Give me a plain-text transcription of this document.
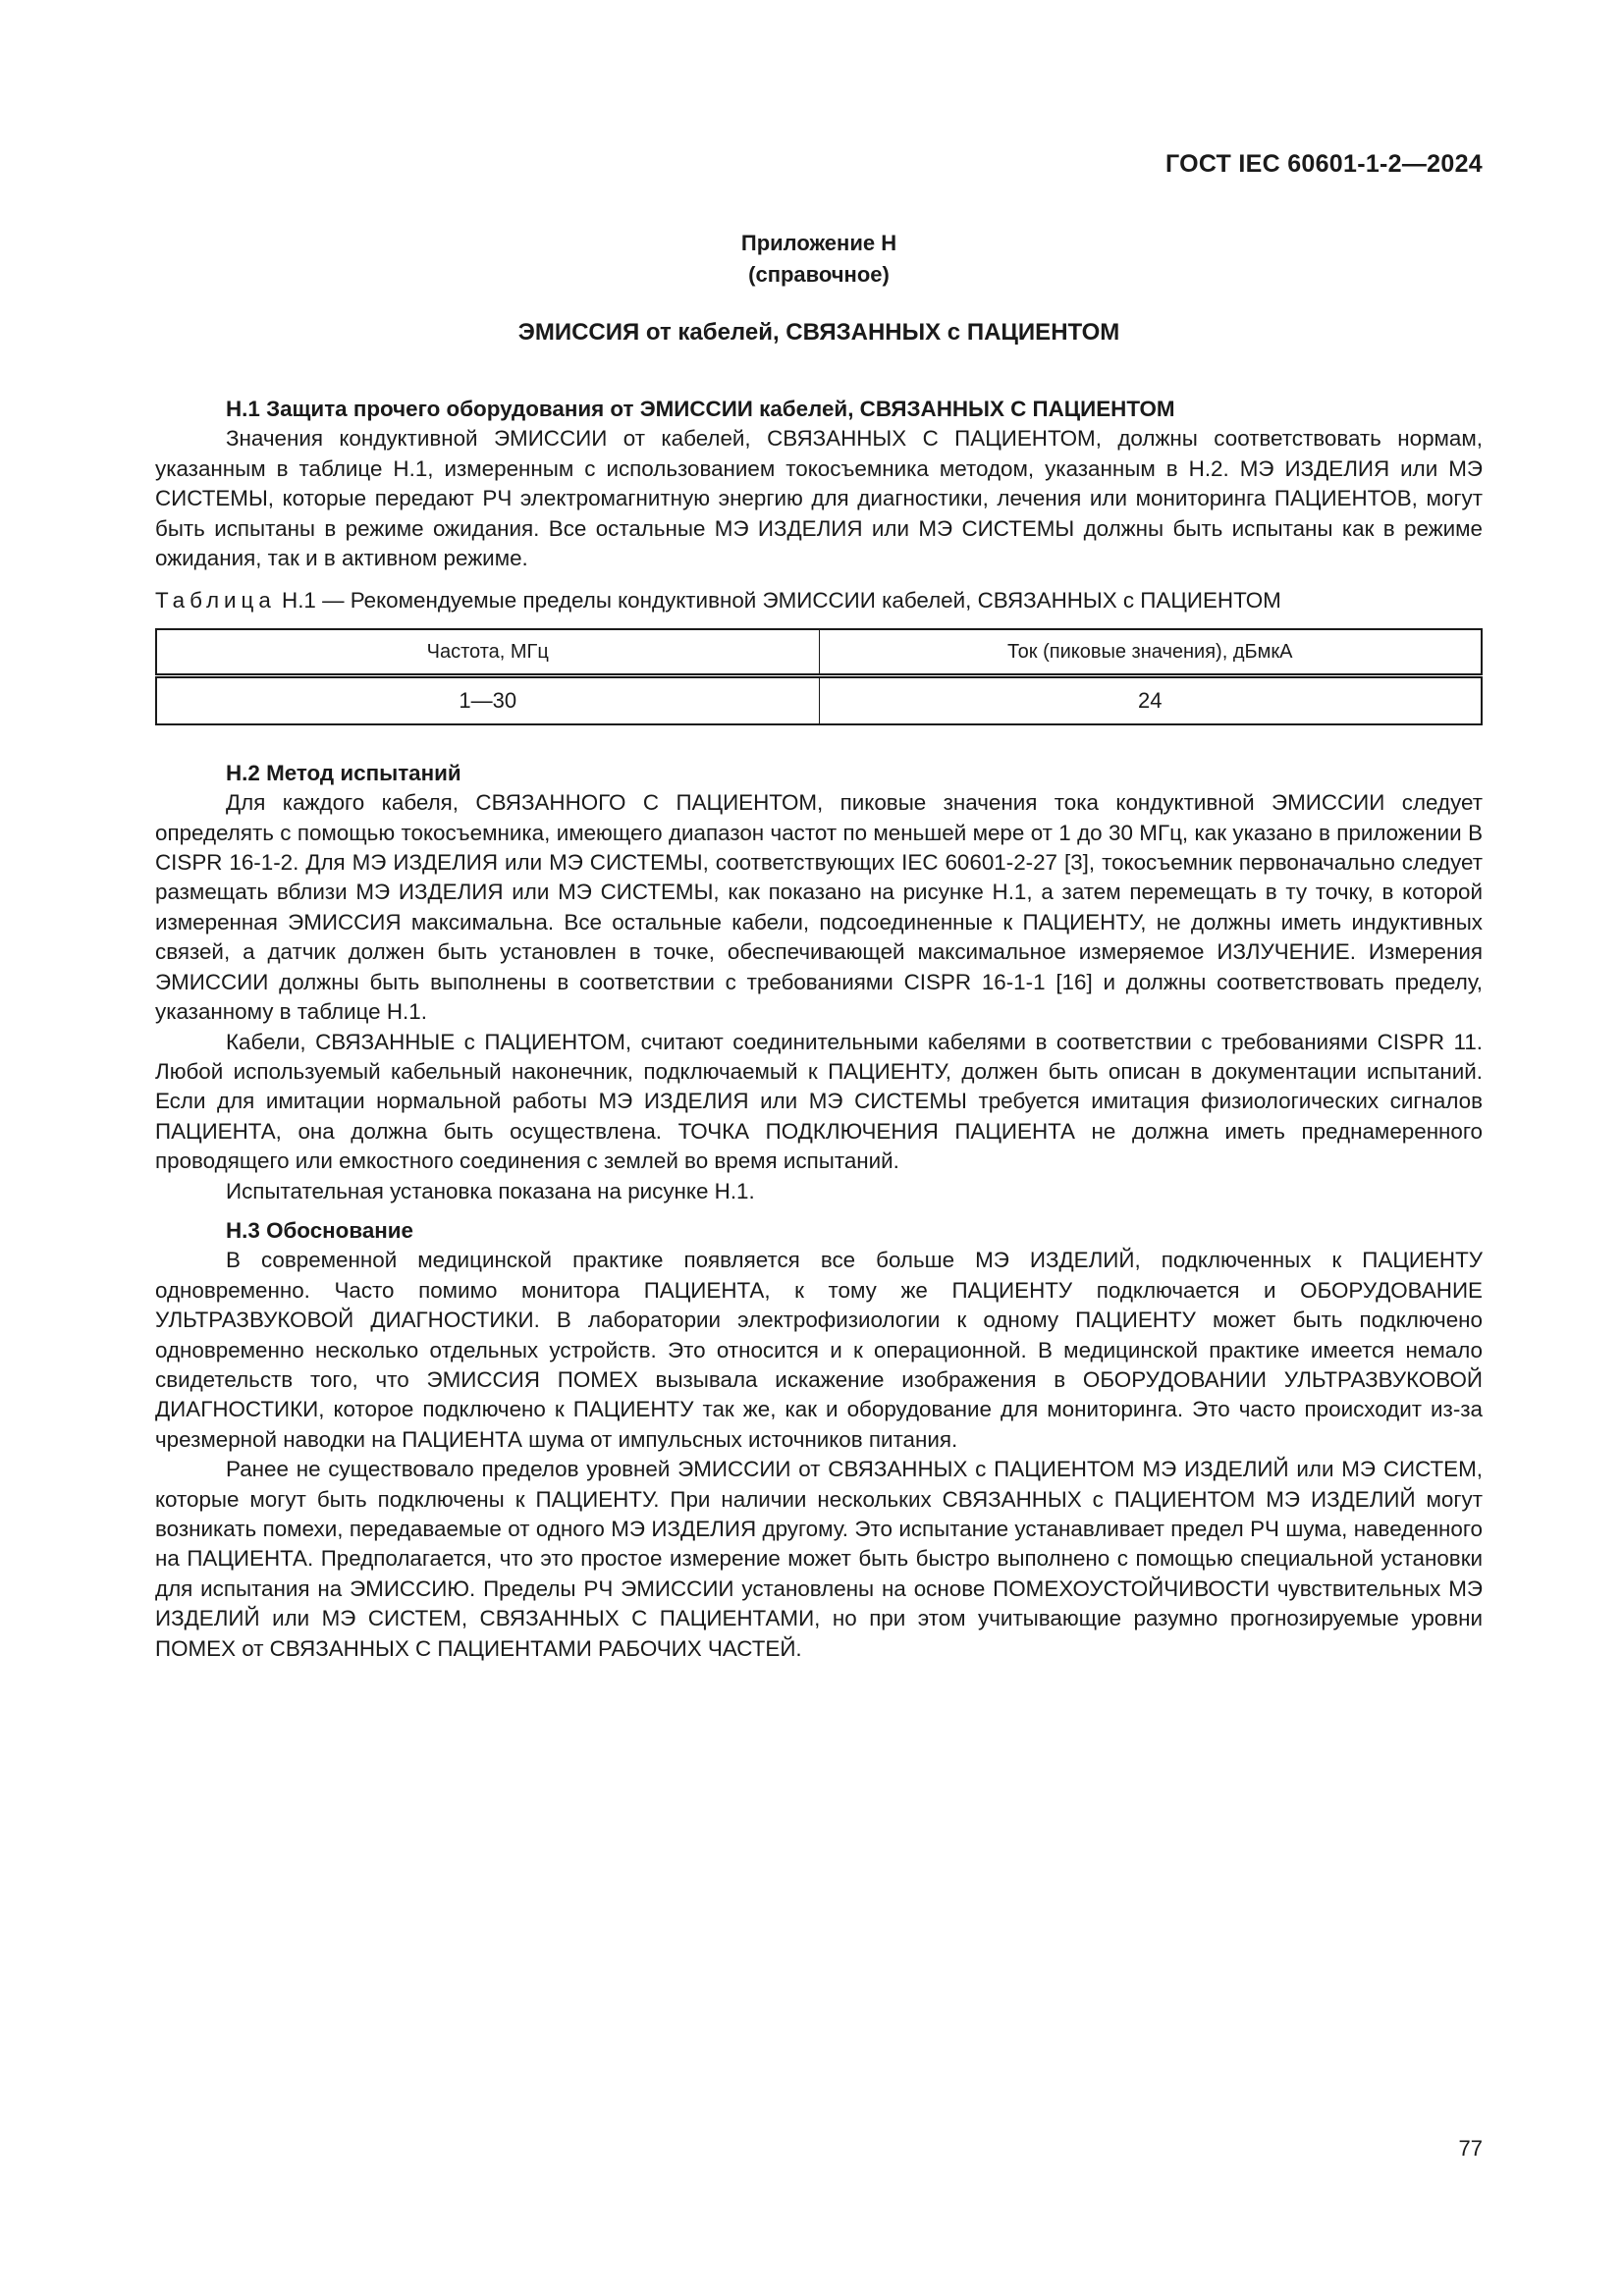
ГОСТ IEC 60601-1-2—2024
Приложение H
(справочное)
ЭМИССИЯ от кабелей, СВЯЗАННЫХ с ПАЦИЕНТОМ
H.1 Защита прочего оборудования от ЭМИССИИ кабелей, СВЯЗАННЫХ С ПАЦИЕНТОМ

Значения кондуктивной ЭМИССИИ от кабелей, СВЯЗАННЫХ С ПАЦИЕНТОМ, должны соответствовать нормам, указанным в таблице H.1, измеренным с использованием токосъемника методом, указанным в H.2. МЭ ИЗДЕЛИЯ или МЭ СИСТЕМЫ, которые передают РЧ электромагнитную энергию для диагностики, лечения или мониторинга ПАЦИЕНТОВ, могут быть испытаны в режиме ожидания. Все остальные МЭ ИЗДЕЛИЯ или МЭ СИСТЕМЫ должны быть испытаны как в режиме ожидания, так и в активном режиме.

Таблица H.1 — Рекомендуемые пределы кондуктивной ЭМИССИИ кабелей, СВЯЗАННЫХ с ПАЦИЕНТОМ
Частота, МГц	Ток (пиковые значения), дБмкА
1—30	24
H.2 Метод испытаний

Для каждого кабеля, СВЯЗАННОГО С ПАЦИЕНТОМ, пиковые значения тока кондуктивной ЭМИССИИ следует определять с помощью токосъемника, имеющего диапазон частот по меньшей мере от 1 до 30 МГц, как указано в приложении B CISPR 16-1-2. Для МЭ ИЗДЕЛИЯ или МЭ СИСТЕМЫ, соответствующих IEC 60601-2-27 [3], токосъемник первоначально следует размещать вблизи МЭ ИЗДЕЛИЯ или МЭ СИСТЕМЫ, как показано на рисунке H.1, а затем перемещать в ту точку, в которой измеренная ЭМИССИЯ максимальна. Все остальные кабели, подсоединенные к ПАЦИЕНТУ, не должны иметь индуктивных связей, а датчик должен быть установлен в точке, обеспечивающей максимальное измеряемое ИЗЛУЧЕНИЕ. Измерения ЭМИССИИ должны быть выполнены в соответствии с требованиями CISPR 16-1-1 [16] и должны соответствовать пределу, указанному в таблице H.1.

Кабели, СВЯЗАННЫЕ с ПАЦИЕНТОМ, считают соединительными кабелями в соответствии с требованиями CISPR 11. Любой используемый кабельный наконечник, подключаемый к ПАЦИЕНТУ, должен быть описан в документации испытаний. Если для имитации нормальной работы МЭ ИЗДЕЛИЯ или МЭ СИСТЕМЫ требуется имитация физиологических сигналов ПАЦИЕНТА, она должна быть осуществлена. ТОЧКА ПОДКЛЮЧЕНИЯ ПАЦИЕНТА не должна иметь преднамеренного проводящего или емкостного соединения с землей во время испытаний.

Испытательная установка показана на рисунке H.1.

H.3 Обоснование

В современной медицинской практике появляется все больше МЭ ИЗДЕЛИЙ, подключенных к ПАЦИЕНТУ одновременно. Часто помимо монитора ПАЦИЕНТА, к тому же ПАЦИЕНТУ подключается и ОБОРУДОВАНИЕ УЛЬТРАЗВУКОВОЙ ДИАГНОСТИКИ. В лаборатории электрофизиологии к одному ПАЦИЕНТУ может быть подключено одновременно несколько отдельных устройств. Это относится и к операционной. В медицинской практике имеется немало свидетельств того, что ЭМИССИЯ ПОМЕХ вызывала искажение изображения в ОБОРУДОВАНИИ УЛЬТРАЗВУКОВОЙ ДИАГНОСТИКИ, которое подключено к ПАЦИЕНТУ так же, как и оборудование для мониторинга. Это часто происходит из-за чрезмерной наводки на ПАЦИЕНТА шума от импульсных источников питания.

Ранее не существовало пределов уровней ЭМИССИИ от СВЯЗАННЫХ с ПАЦИЕНТОМ МЭ ИЗДЕЛИЙ или МЭ СИСТЕМ, которые могут быть подключены к ПАЦИЕНТУ. При наличии нескольких СВЯЗАННЫХ с ПАЦИЕНТОМ МЭ ИЗДЕЛИЙ могут возникать помехи, передаваемые от одного МЭ ИЗДЕЛИЯ другому. Это испытание устанавливает предел РЧ шума, наведенного на ПАЦИЕНТА. Предполагается, что это простое измерение может быть быстро выполнено с помощью специальной установки для испытания на ЭМИССИЮ. Пределы РЧ ЭМИССИИ установлены на основе ПОМЕХОУСТОЙЧИВОСТИ чувствительных МЭ ИЗДЕЛИЙ или МЭ СИСТЕМ, СВЯЗАННЫХ С ПАЦИЕНТАМИ, но при этом учитывающие разумно прогнозируемые уровни ПОМЕХ от СВЯЗАННЫХ С ПАЦИЕНТАМИ РАБОЧИХ ЧАСТЕЙ.

77
